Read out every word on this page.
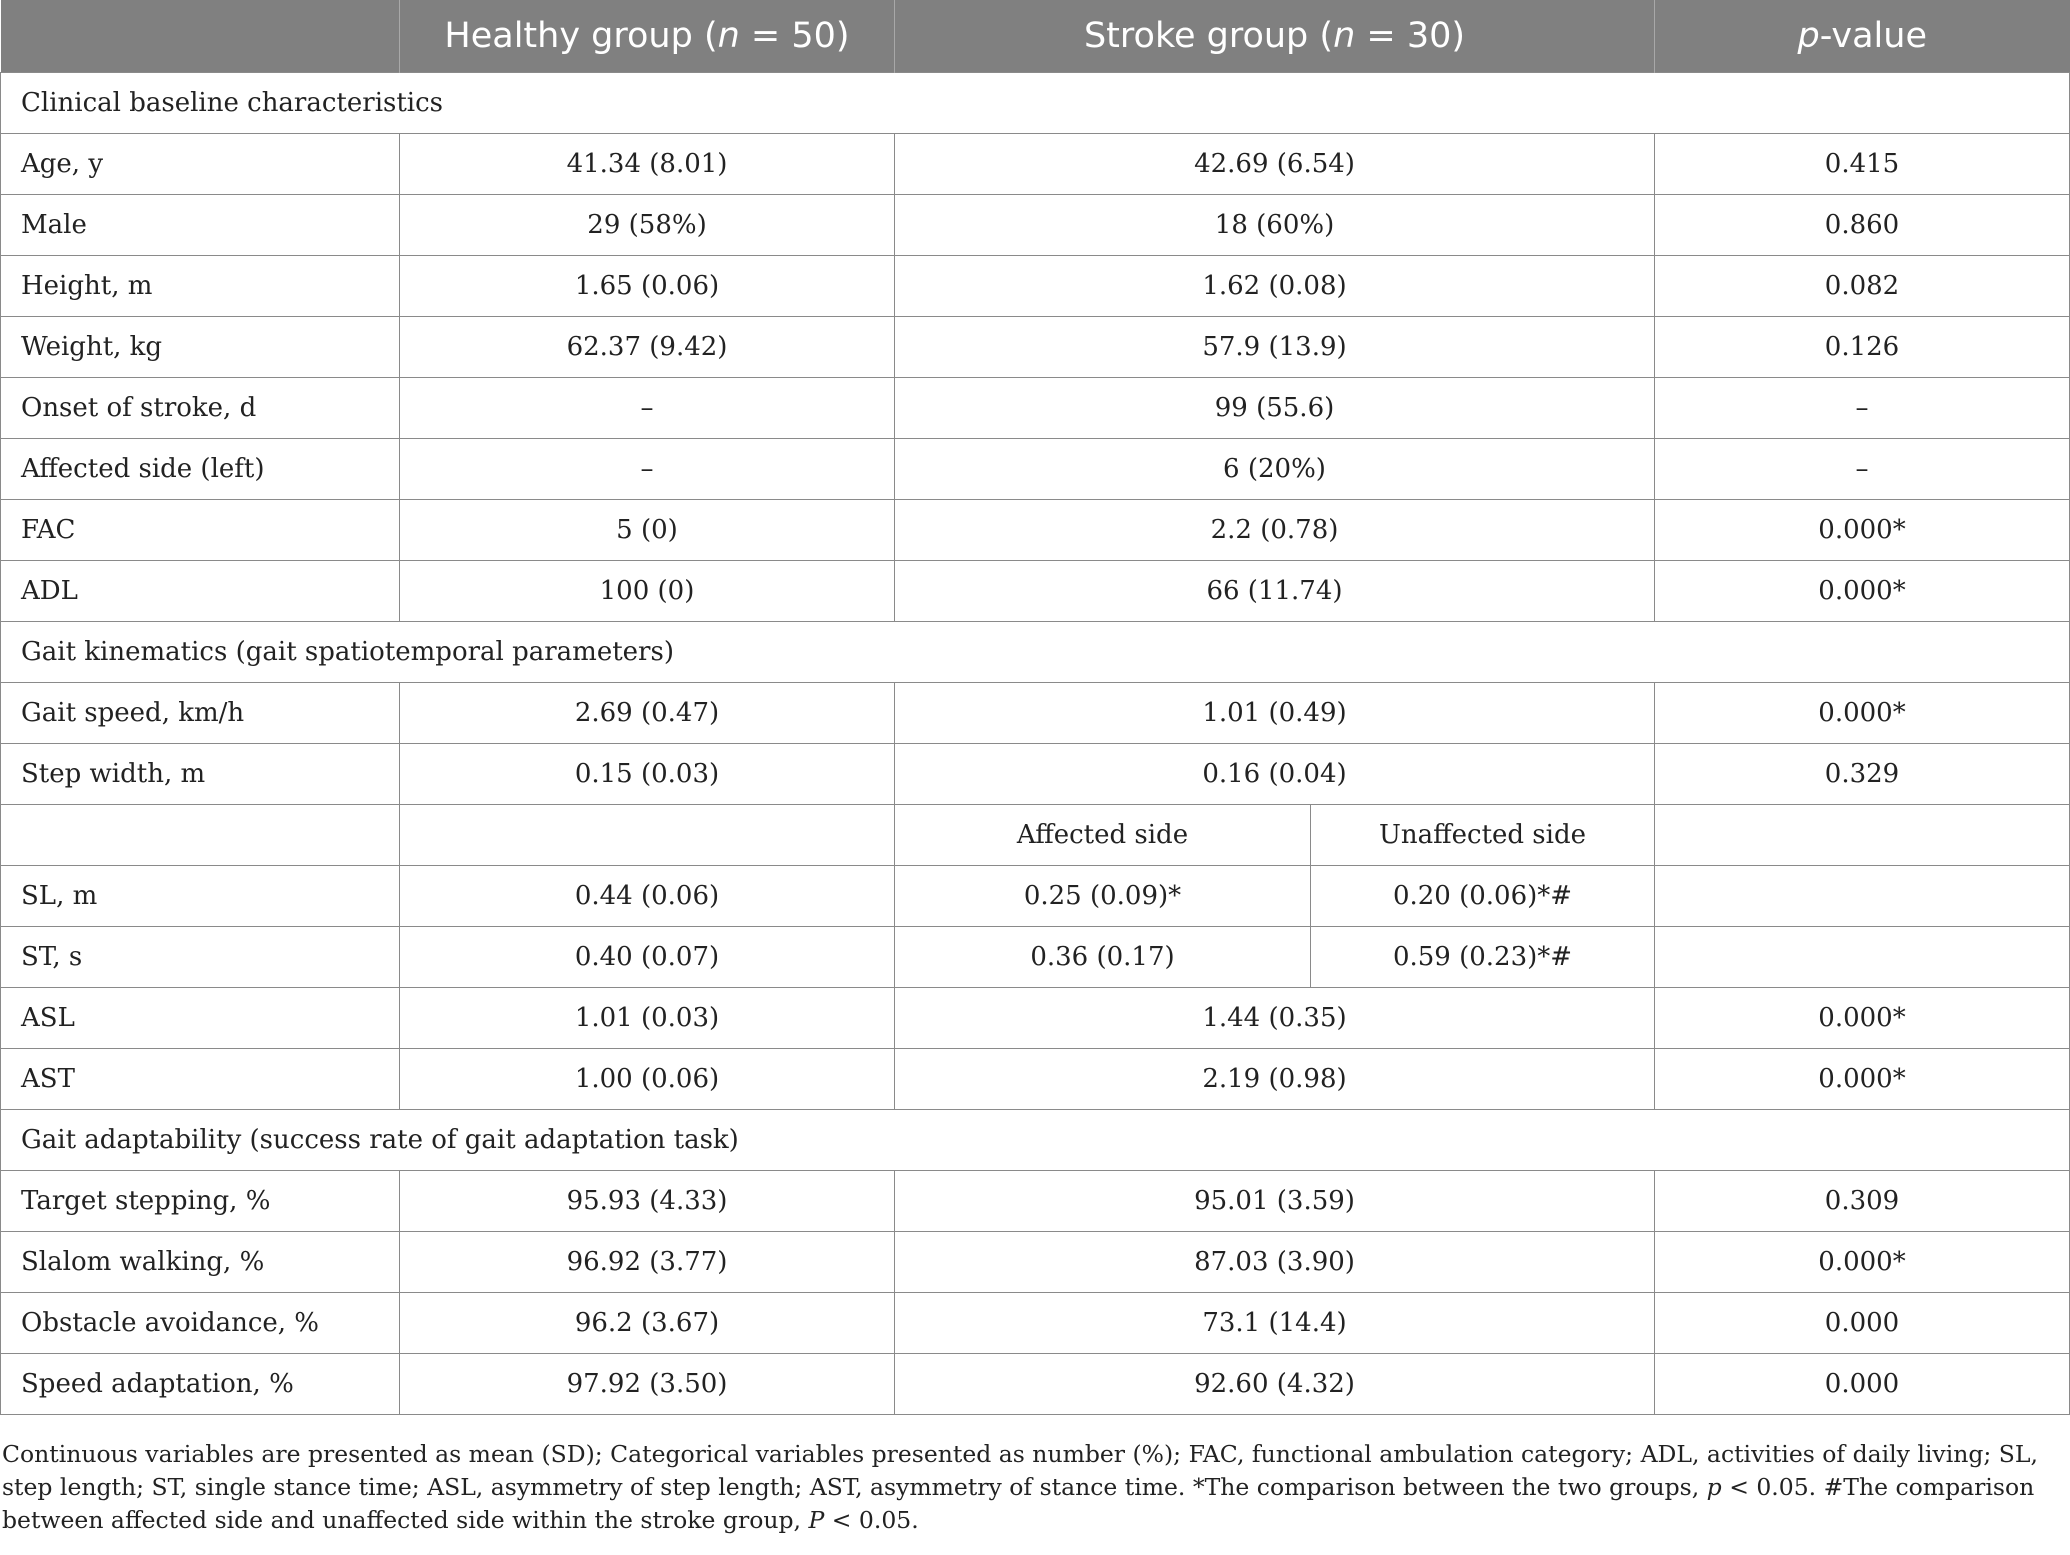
	Healthy group (n = 50)	Stroke group (n = 30)		p-value
Clinical baseline characteristics				
Age, y	41.34 (8.01)	42.69 (6.54)		0.415
Male	29 (58%)	18 (60%)		0.860
Height, m	1.65 (0.06)	1.62 (0.08)		0.082
Weight, kg	62.37 (9.42)	57.9 (13.9)		0.126
Onset of stroke, d	–	99 (55.6)		–
Affected side (left)	–	6 (20%)		–
FAC	5 (0)	2.2 (0.78)		0.000*
ADL	100 (0)	66 (11.74)		0.000*
Gait kinematics (gait spatiotemporal parameters)				
Gait speed, km/h	2.69 (0.47)	1.01 (0.49)		0.000*
Step width, m	0.15 (0.03)	0.16 (0.04)		0.329
		Affected side	Unaffected side	
SL, m	0.44 (0.06)	0.25 (0.09)*	0.20 (0.06)*#	
ST, s	0.40 (0.07)	0.36 (0.17)	0.59 (0.23)*#	
ASL	1.01 (0.03)	1.44 (0.35)		0.000*
AST	1.00 (0.06)	2.19 (0.98)		0.000*
Gait adaptability (success rate of gait adaptation task)				
Target stepping, %	95.93 (4.33)	95.01 (3.59)		0.309
Slalom walking, %	96.92 (3.77)	87.03 (3.90)		0.000*
Obstacle avoidance, %	96.2 (3.67)	73.1 (14.4)		0.000
Speed adaptation, %	97.92 (3.50)	92.60 (4.32)		0.000
Continuous variables are presented as mean (SD); Categorical variables presented as number (%); FAC, functional ambulation category; ADL, activities of daily living; SL, step length; ST, single stance time; ASL, asymmetry of step length; AST, asymmetry of stance time. *The comparison between the two groups, p < 0.05. #The comparison between affected side and unaffected side within the stroke group, P < 0.05.
